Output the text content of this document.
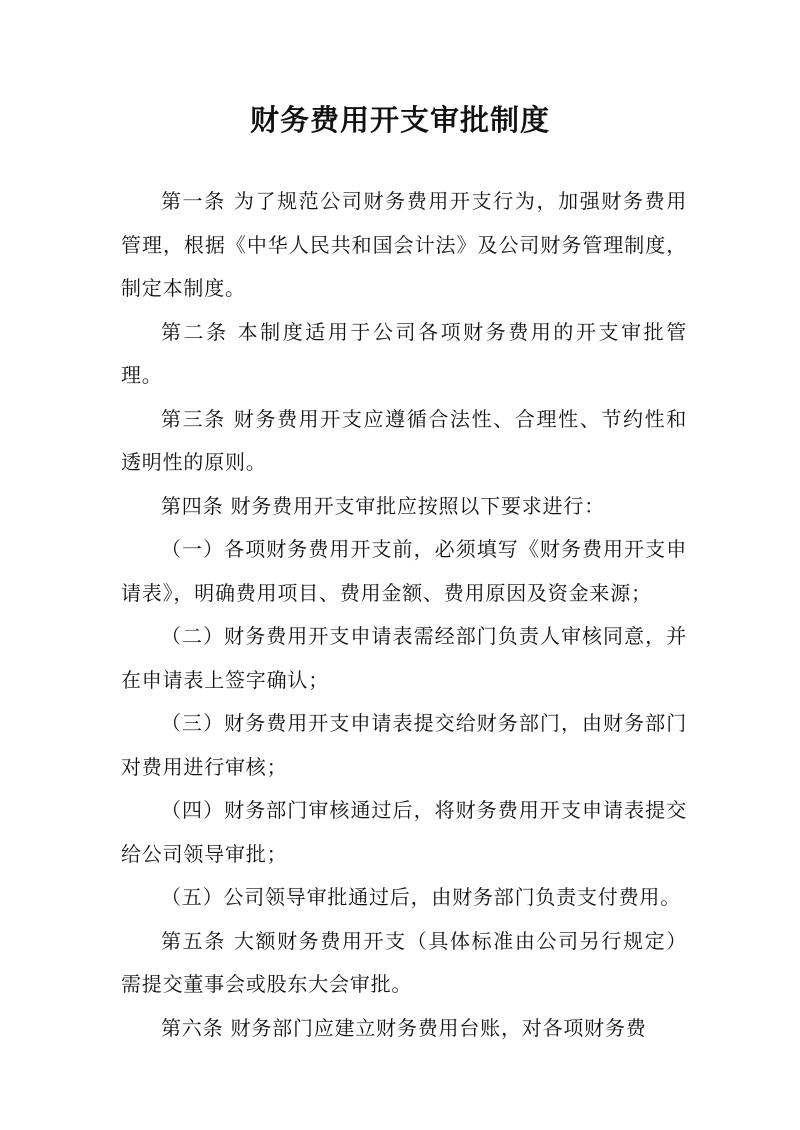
财务费用开支审批制度

第一条 为了规范公司财务费用开支行为，加强财务费用管理，根据《中华人民共和国会计法》及公司财务管理制度，制定本制度。

第二条 本制度适用于公司各项财务费用的开支审批管理。

第三条 财务费用开支应遵循合法性、合理性、节约性和透明性的原则。

第四条 财务费用开支审批应按照以下要求进行：

（一）各项财务费用开支前，必须填写《财务费用开支申请表》，明确费用项目、费用金额、费用原因及资金来源；

（二）财务费用开支申请表需经部门负责人审核同意，并在申请表上签字确认；

（三）财务费用开支申请表提交给财务部门，由财务部门对费用进行审核；

（四）财务部门审核通过后，将财务费用开支申请表提交给公司领导审批；

（五）公司领导审批通过后，由财务部门负责支付费用。

第五条 大额财务费用开支（具体标准由公司另行规定）需提交董事会或股东大会审批。

第六条 财务部门应建立财务费用台账，对各项财务费
